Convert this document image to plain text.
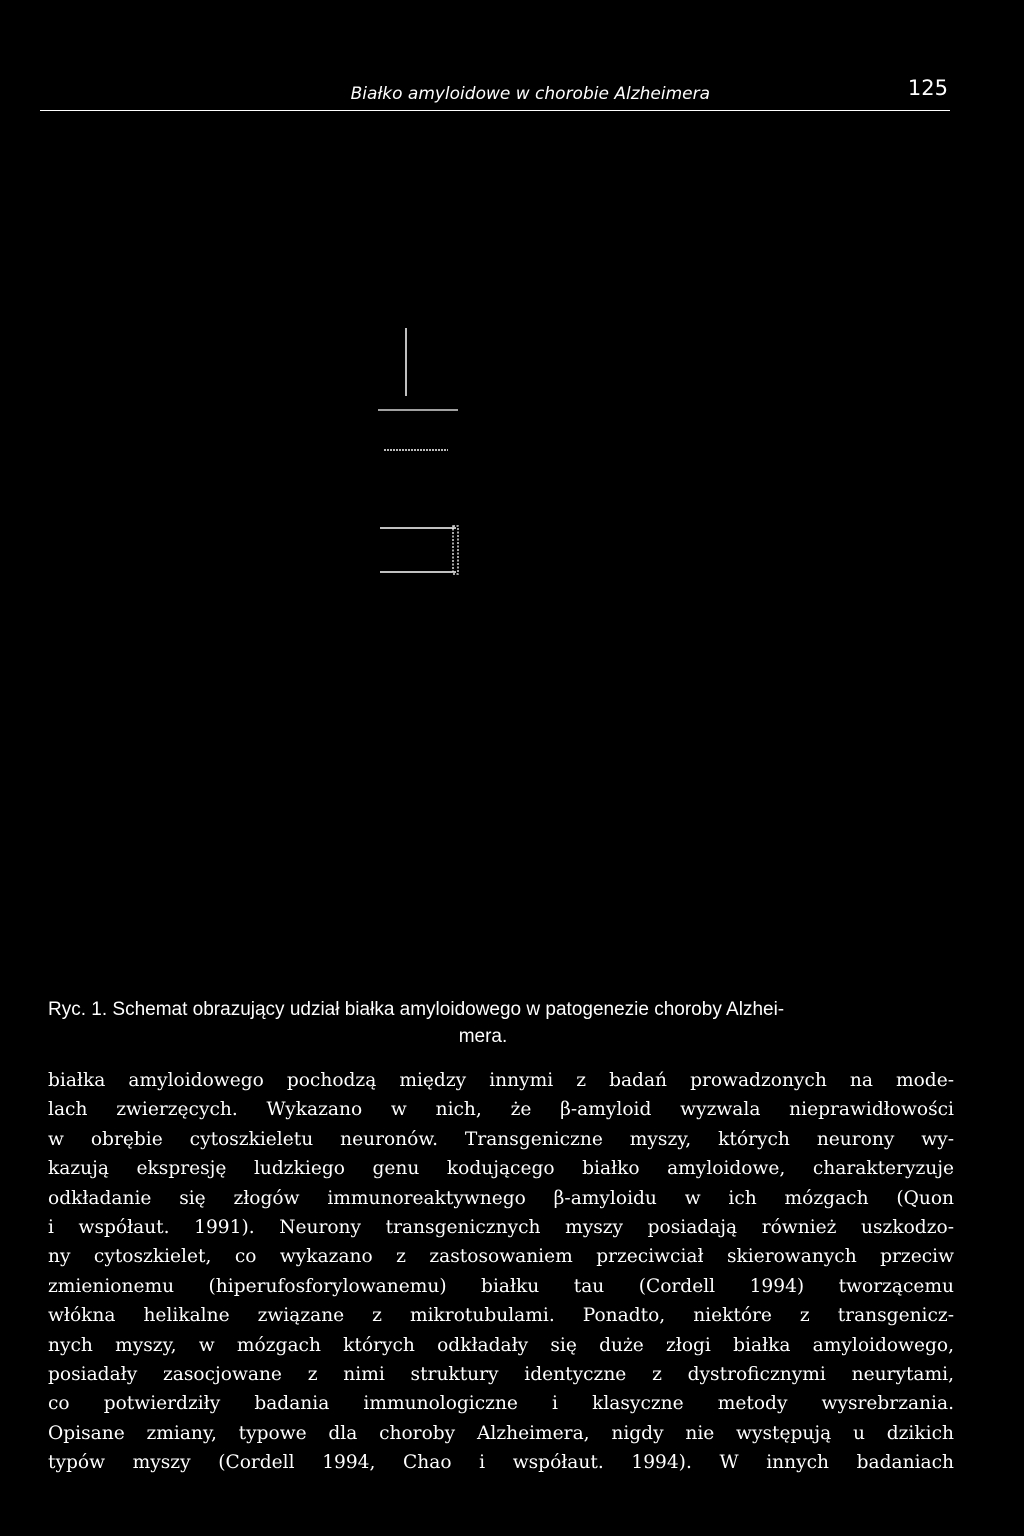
Białko amyloidowe w chorobie Alzheimera	125
Ryc. 1. Schemat obrazujący udział białka amyloidowego w patogenezie choroby Alzhei-
mera.
białka amyloidowego pochodzą między innymi z badań prowadzonych na mode-
lach zwierzęcych. Wykazano w nich, że β-amyloid wyzwala nieprawidłowości
w obrębie cytoszkieletu neuronów. Transgeniczne myszy, których neurony wy-
kazują ekspresję ludzkiego genu kodującego białko amyloidowe, charakteryzuje
odkładanie się złogów immunoreaktywnego β-amyloidu w ich mózgach (Quon
i współaut. 1991). Neurony transgenicznych myszy posiadają również uszkodzo-
ny cytoszkielet, co wykazano z zastosowaniem przeciwciał skierowanych przeciw
zmienionemu (hiperufosforylowanemu) białku tau (Cordell 1994) tworzącemu
włókna helikalne związane z mikrotubulami. Ponadto, niektóre z transgenicz-
nych myszy, w mózgach których odkładały się duże złogi białka amyloidowego,
posiadały zasocjowane z nimi struktury identyczne z dystroficznymi neurytami,
co potwierdziły badania immunologiczne i klasyczne metody wysrebrzania.
Opisane zmiany, typowe dla choroby Alzheimera, nigdy nie występują u dzikich
typów myszy (Cordell 1994, Chao i współaut. 1994). W innych badaniach
